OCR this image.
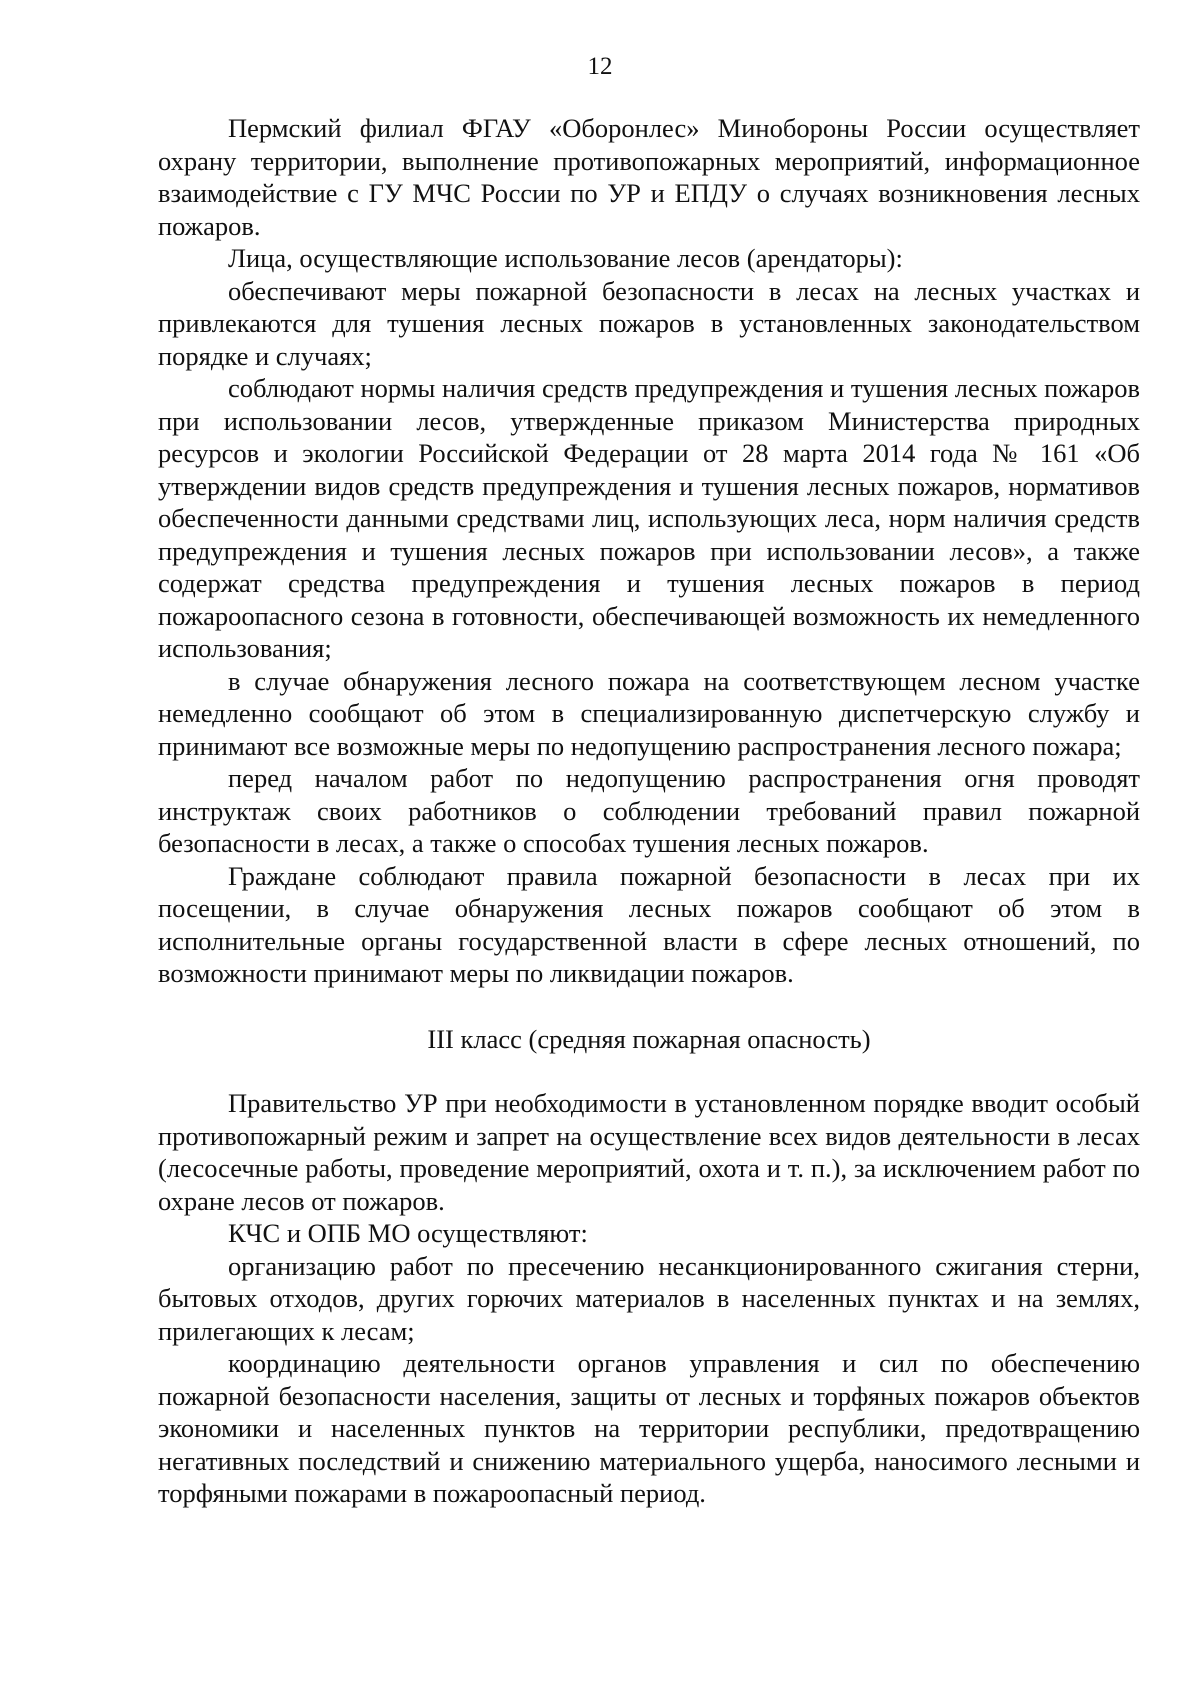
12

Пермский филиал ФГАУ «Оборонлес» Минобороны России осуществляет охрану территории, выполнение противопожарных мероприятий, информационное взаимодействие с ГУ МЧС России по УР и ЕПДУ о случаях возникновения лесных пожаров.

Лица, осуществляющие использование лесов (арендаторы):

обеспечивают меры пожарной безопасности в лесах на лесных участках и привлекаются для тушения лесных пожаров в установленных законодательством порядке и случаях;

соблюдают нормы наличия средств предупреждения и тушения лесных пожаров при использовании лесов, утвержденные приказом Министерства природных ресурсов и экологии Российской Федерации от 28 марта 2014 года № 161 «Об утверждении видов средств предупреждения и тушения лесных пожаров, нормативов обеспеченности данными средствами лиц, использующих леса, норм наличия средств предупреждения и тушения лесных пожаров при использовании лесов», а также содержат средства предупреждения и тушения лесных пожаров в период пожароопасного сезона в готовности, обеспечивающей возможность их немедленного использования;

в случае обнаружения лесного пожара на соответствующем лесном участке немедленно сообщают об этом в специализированную диспетчерскую службу и принимают все возможные меры по недопущению распространения лесного пожара;

перед началом работ по недопущению распространения огня проводят инструктаж своих работников о соблюдении требований правил пожарной безопасности в лесах, а также о способах тушения лесных пожаров.

Граждане соблюдают правила пожарной безопасности в лесах при их посещении, в случае обнаружения лесных пожаров сообщают об этом в исполнительные органы государственной власти в сфере лесных отношений, по возможности принимают меры по ликвидации пожаров.

III класс (средняя пожарная опасность)

Правительство УР при необходимости в установленном порядке вводит особый противопожарный режим и запрет на осуществление всех видов деятельности в лесах (лесосечные работы, проведение мероприятий, охота и т. п.), за исключением работ по охране лесов от пожаров.

КЧС и ОПБ МО осуществляют:

организацию работ по пресечению несанкционированного сжигания стерни, бытовых отходов, других горючих материалов в населенных пунктах и на землях, прилегающих к лесам;

координацию деятельности органов управления и сил по обеспечению пожарной безопасности населения, защиты от лесных и торфяных пожаров объектов экономики и населенных пунктов на территории республики, предотвращению негативных последствий и снижению материального ущерба, наносимого лесными и торфяными пожарами в пожароопасный период.
